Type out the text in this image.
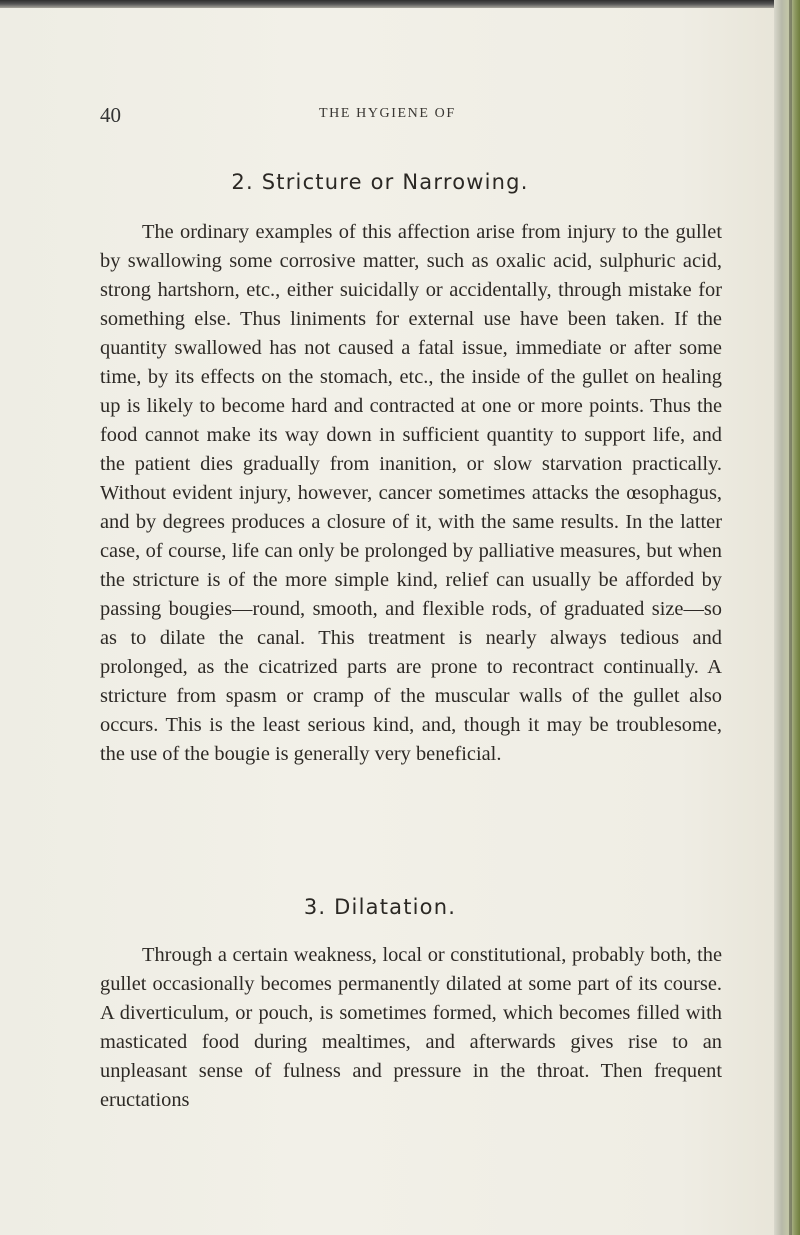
40	THE HYGIENE OF
2. Stricture or Narrowing.

The ordinary examples of this affection arise from injury to the gullet by swallowing some corrosive matter, such as oxalic acid, sulphuric acid, strong hartshorn, etc., either suicidally or accidentally, through mistake for something else. Thus liniments for external use have been taken. If the quantity swallowed has not caused a fatal issue, immediate or after some time, by its effects on the stomach, etc., the inside of the gullet on healing up is likely to become hard and contracted at one or more points. Thus the food cannot make its way down in sufficient quantity to support life, and the patient dies gradually from inanition, or slow starvation practically. Without evident injury, however, cancer sometimes attacks the œsophagus, and by degrees produces a closure of it, with the same results. In the latter case, of course, life can only be prolonged by palliative measures, but when the stricture is of the more simple kind, relief can usually be afforded by passing bougies—round, smooth, and flexible rods, of graduated size—so as to dilate the canal. This treatment is nearly always tedious and prolonged, as the cicatrized parts are prone to recontract continually. A stricture from spasm or cramp of the muscular walls of the gullet also occurs. This is the least serious kind, and, though it may be troublesome, the use of the bougie is generally very beneficial.

3. Dilatation.

Through a certain weakness, local or constitutional, probably both, the gullet occasionally becomes permanently dilated at some part of its course. A diverticulum, or pouch, is sometimes formed, which becomes filled with masticated food during mealtimes, and afterwards gives rise to an unpleasant sense of fulness and pressure in the throat. Then frequent eructations
